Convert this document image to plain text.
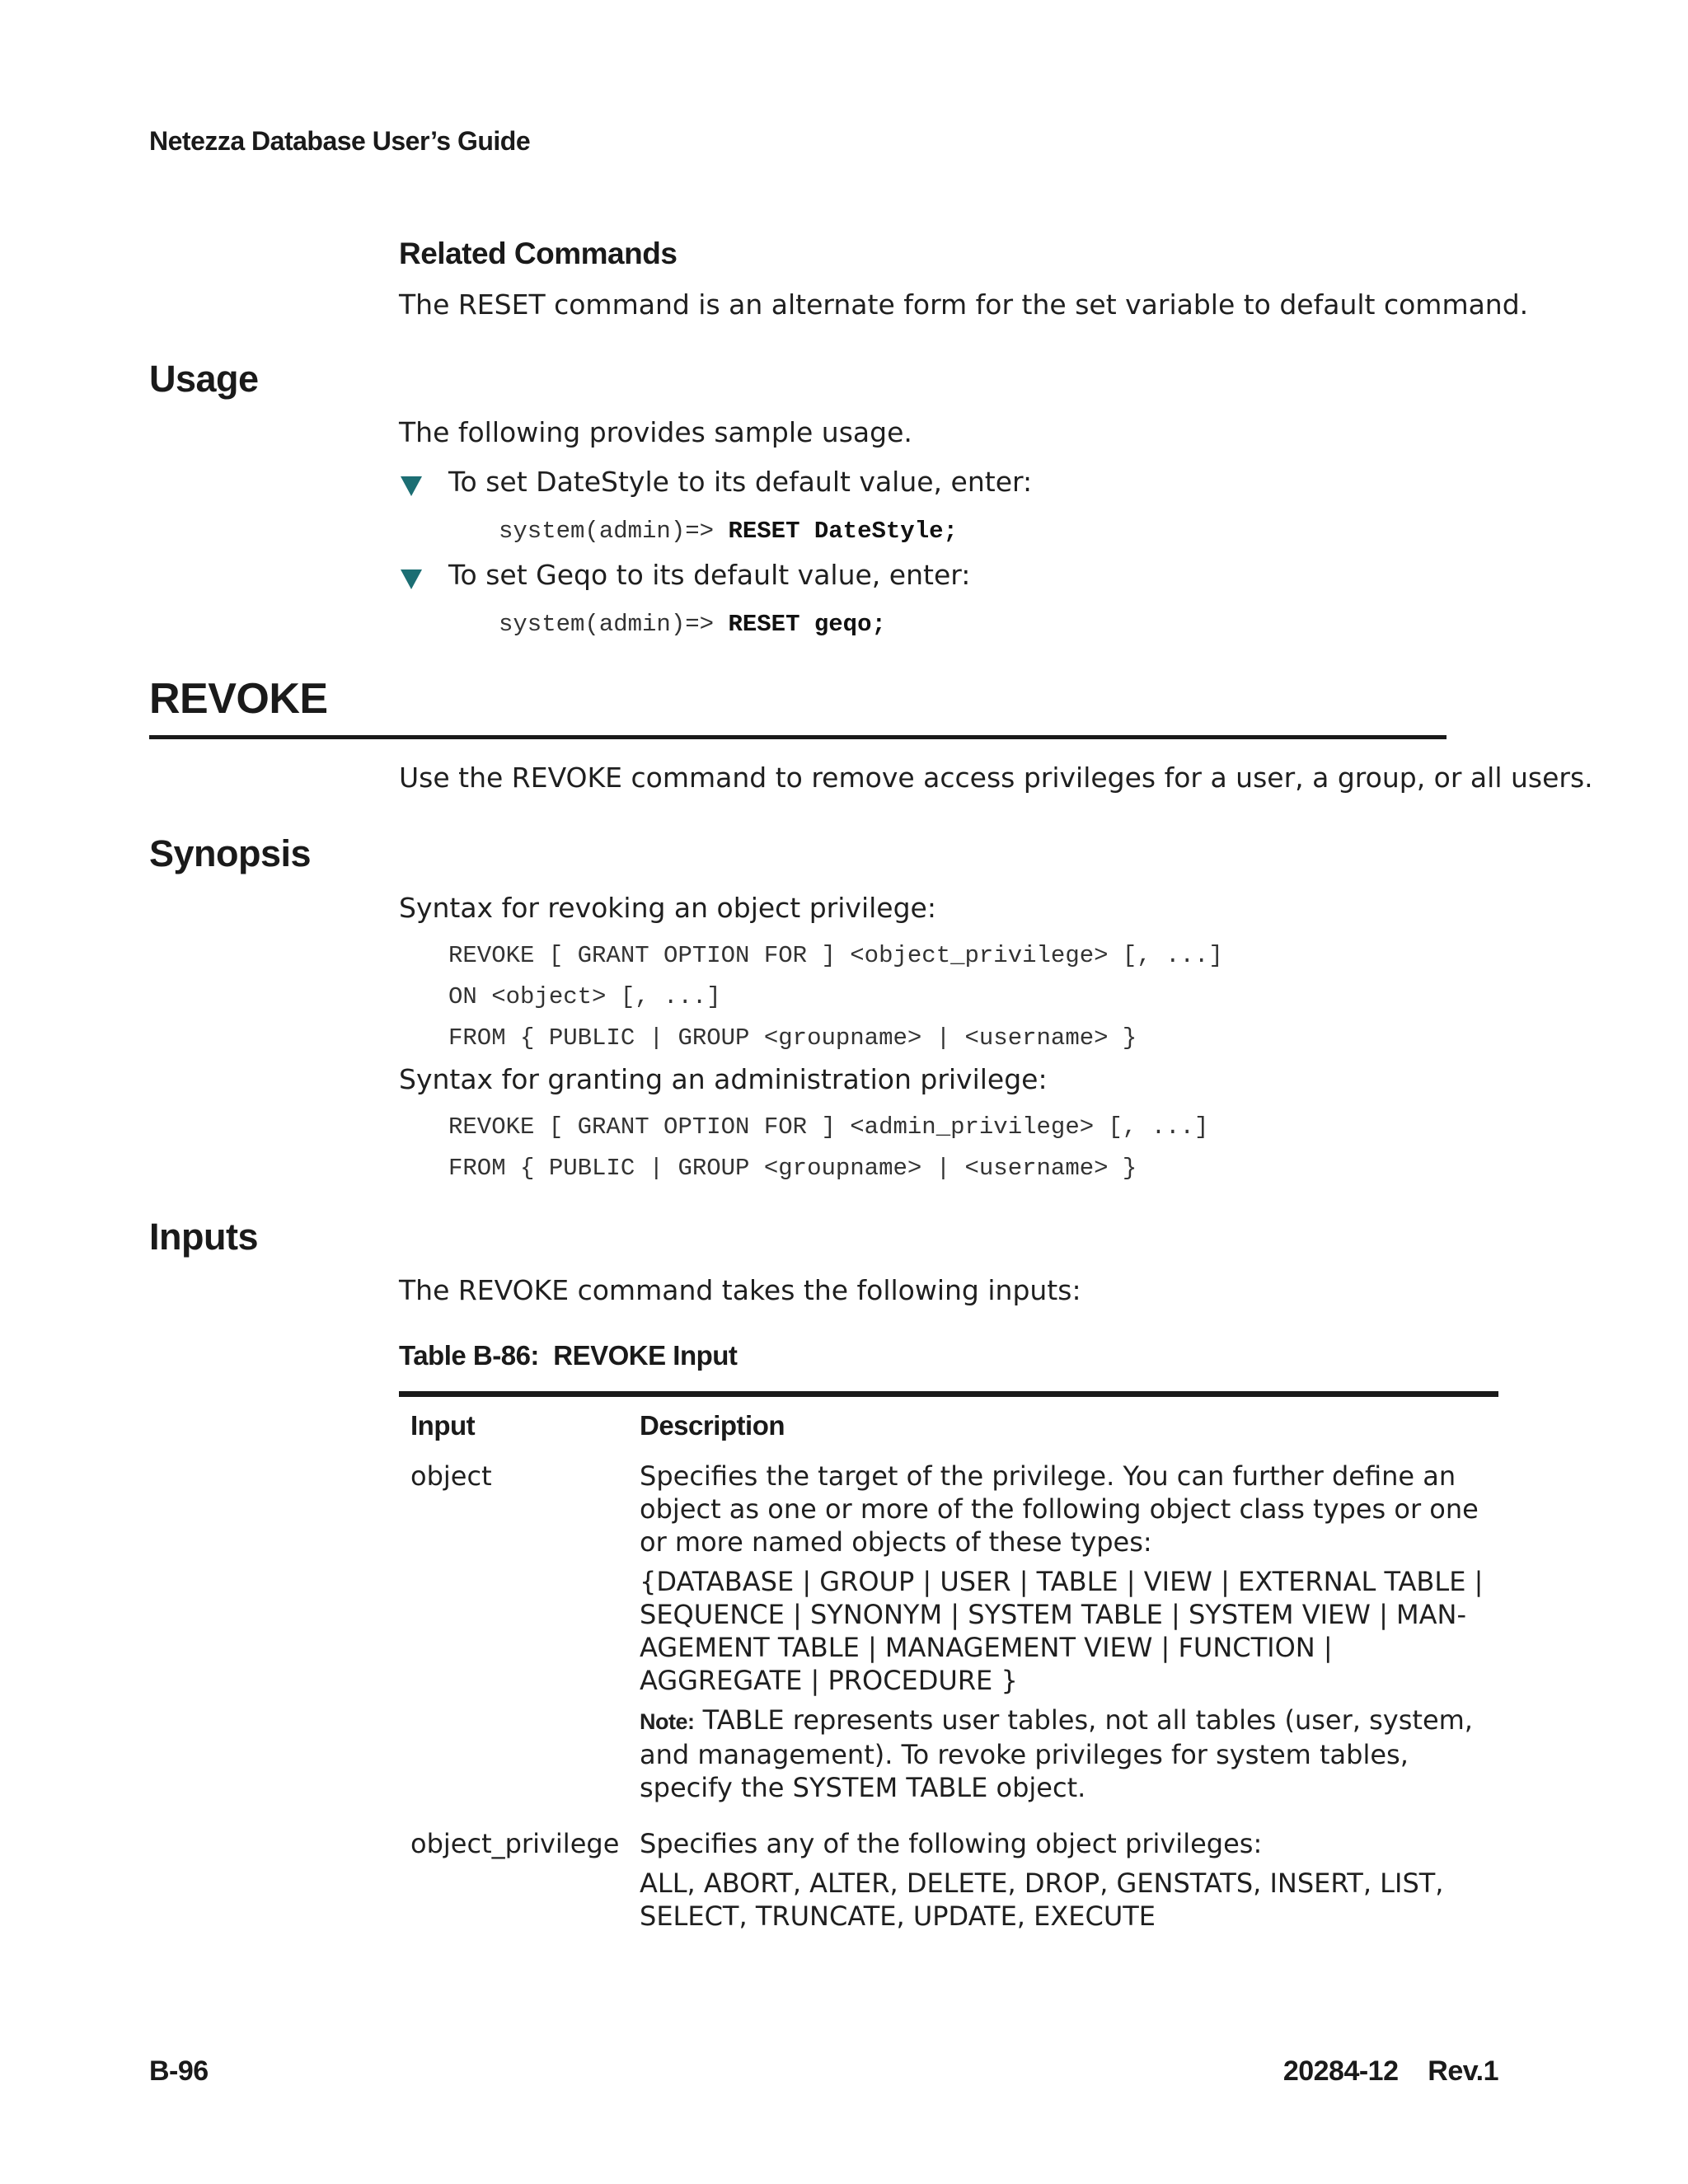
Netezza Database User’s Guide
Related Commands
The RESET command is an alternate form for the set variable to default command.
Usage
The following provides sample usage.
To set DateStyle to its default value, enter:
system(admin)=> RESET DateStyle;
To set Geqo to its default value, enter:
system(admin)=> RESET geqo;
REVOKE
Use the REVOKE command to remove access privileges for a user, a group, or all users.
Synopsis
Syntax for revoking an object privilege:
REVOKE [ GRANT OPTION FOR ] <object_privilege> [, ...]
ON <object> [, ...]
FROM { PUBLIC | GROUP <groupname> | <username> }
Syntax for granting an administration privilege:
REVOKE [ GRANT OPTION FOR ] <admin_privilege> [, ...]
FROM { PUBLIC | GROUP <groupname> | <username> }
Inputs
The REVOKE command takes the following inputs:
Table B-86:  REVOKE Input
Input	Description

object	Specifies the target of the privilege. You can further define an object as one or more of the following object class types or one or more named objects of these types:

{DATABASE | GROUP | USER | TABLE | VIEW | EXTERNAL TABLE | SEQUENCE | SYNONYM | SYSTEM TABLE | SYSTEM VIEW | MAN-AGEMENT TABLE | MANAGEMENT VIEW | FUNCTION | AGGREGATE | PROCEDURE }

Note: TABLE represents user tables, not all tables (user, system, and management). To revoke privileges for system tables, specify the SYSTEM TABLE object.

object_privilege Specifies any of the following object privileges:

ALL, ABORT, ALTER, DELETE, DROP, GENSTATS, INSERT, LIST, SELECT, TRUNCATE, UPDATE, EXECUTE

B-96	20284-12    Rev.1
